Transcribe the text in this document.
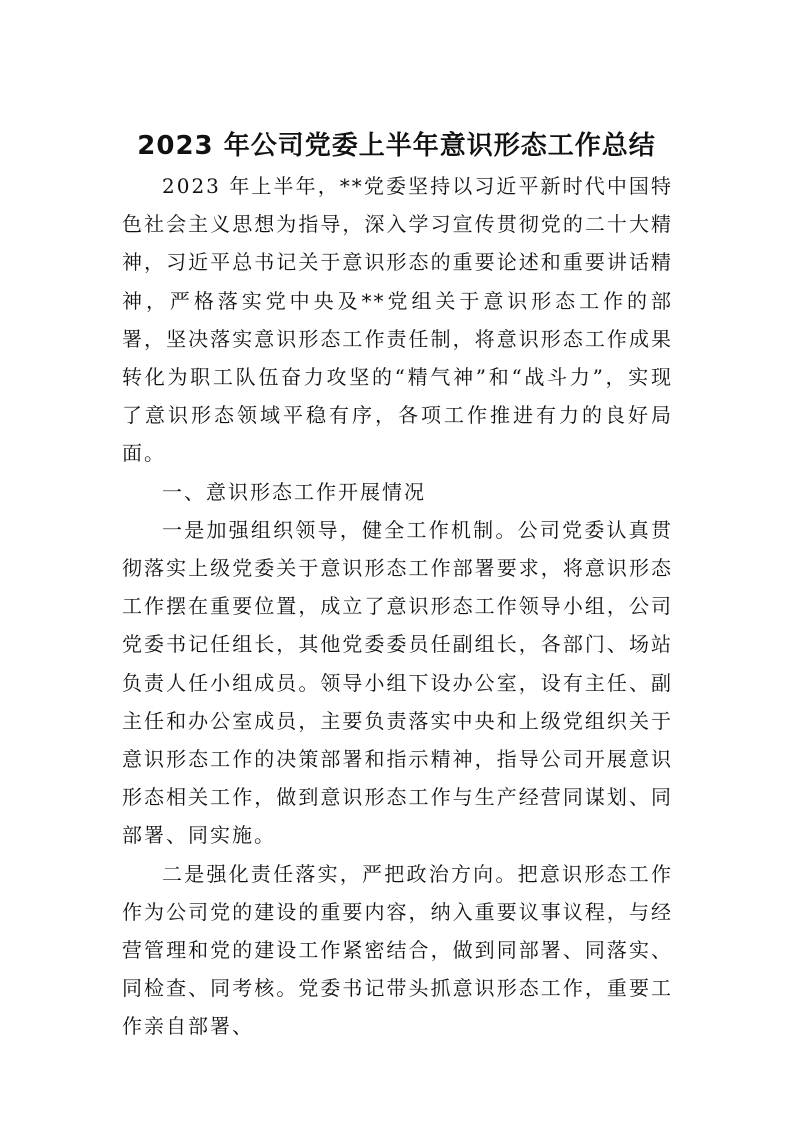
2023 年公司党委上半年意识形态工作总结

2023 年上半年，**党委坚持以习近平新时代中国特色社会主义思想为指导，深入学习宣传贯彻党的二十大精神，习近平总书记关于意识形态的重要论述和重要讲话精神，严格落实党中央及**党组关于意识形态工作的部署，坚决落实意识形态工作责任制，将意识形态工作成果转化为职工队伍奋力攻坚的“精气神”和“战斗力”，实现了意识形态领域平稳有序，各项工作推进有力的良好局面。

一、意识形态工作开展情况

一是加强组织领导，健全工作机制。公司党委认真贯彻落实上级党委关于意识形态工作部署要求，将意识形态工作摆在重要位置，成立了意识形态工作领导小组，公司党委书记任组长，其他党委委员任副组长，各部门、场站负责人任小组成员。领导小组下设办公室，设有主任、副主任和办公室成员，主要负责落实中央和上级党组织关于意识形态工作的决策部署和指示精神，指导公司开展意识形态相关工作，做到意识形态工作与生产经营同谋划、同部署、同实施。

二是强化责任落实，严把政治方向。把意识形态工作作为公司党的建设的重要内容，纳入重要议事议程，与经营管理和党的建设工作紧密结合，做到同部署、同落实、同检查、同考核。党委书记带头抓意识形态工作，重要工作亲自部署、
